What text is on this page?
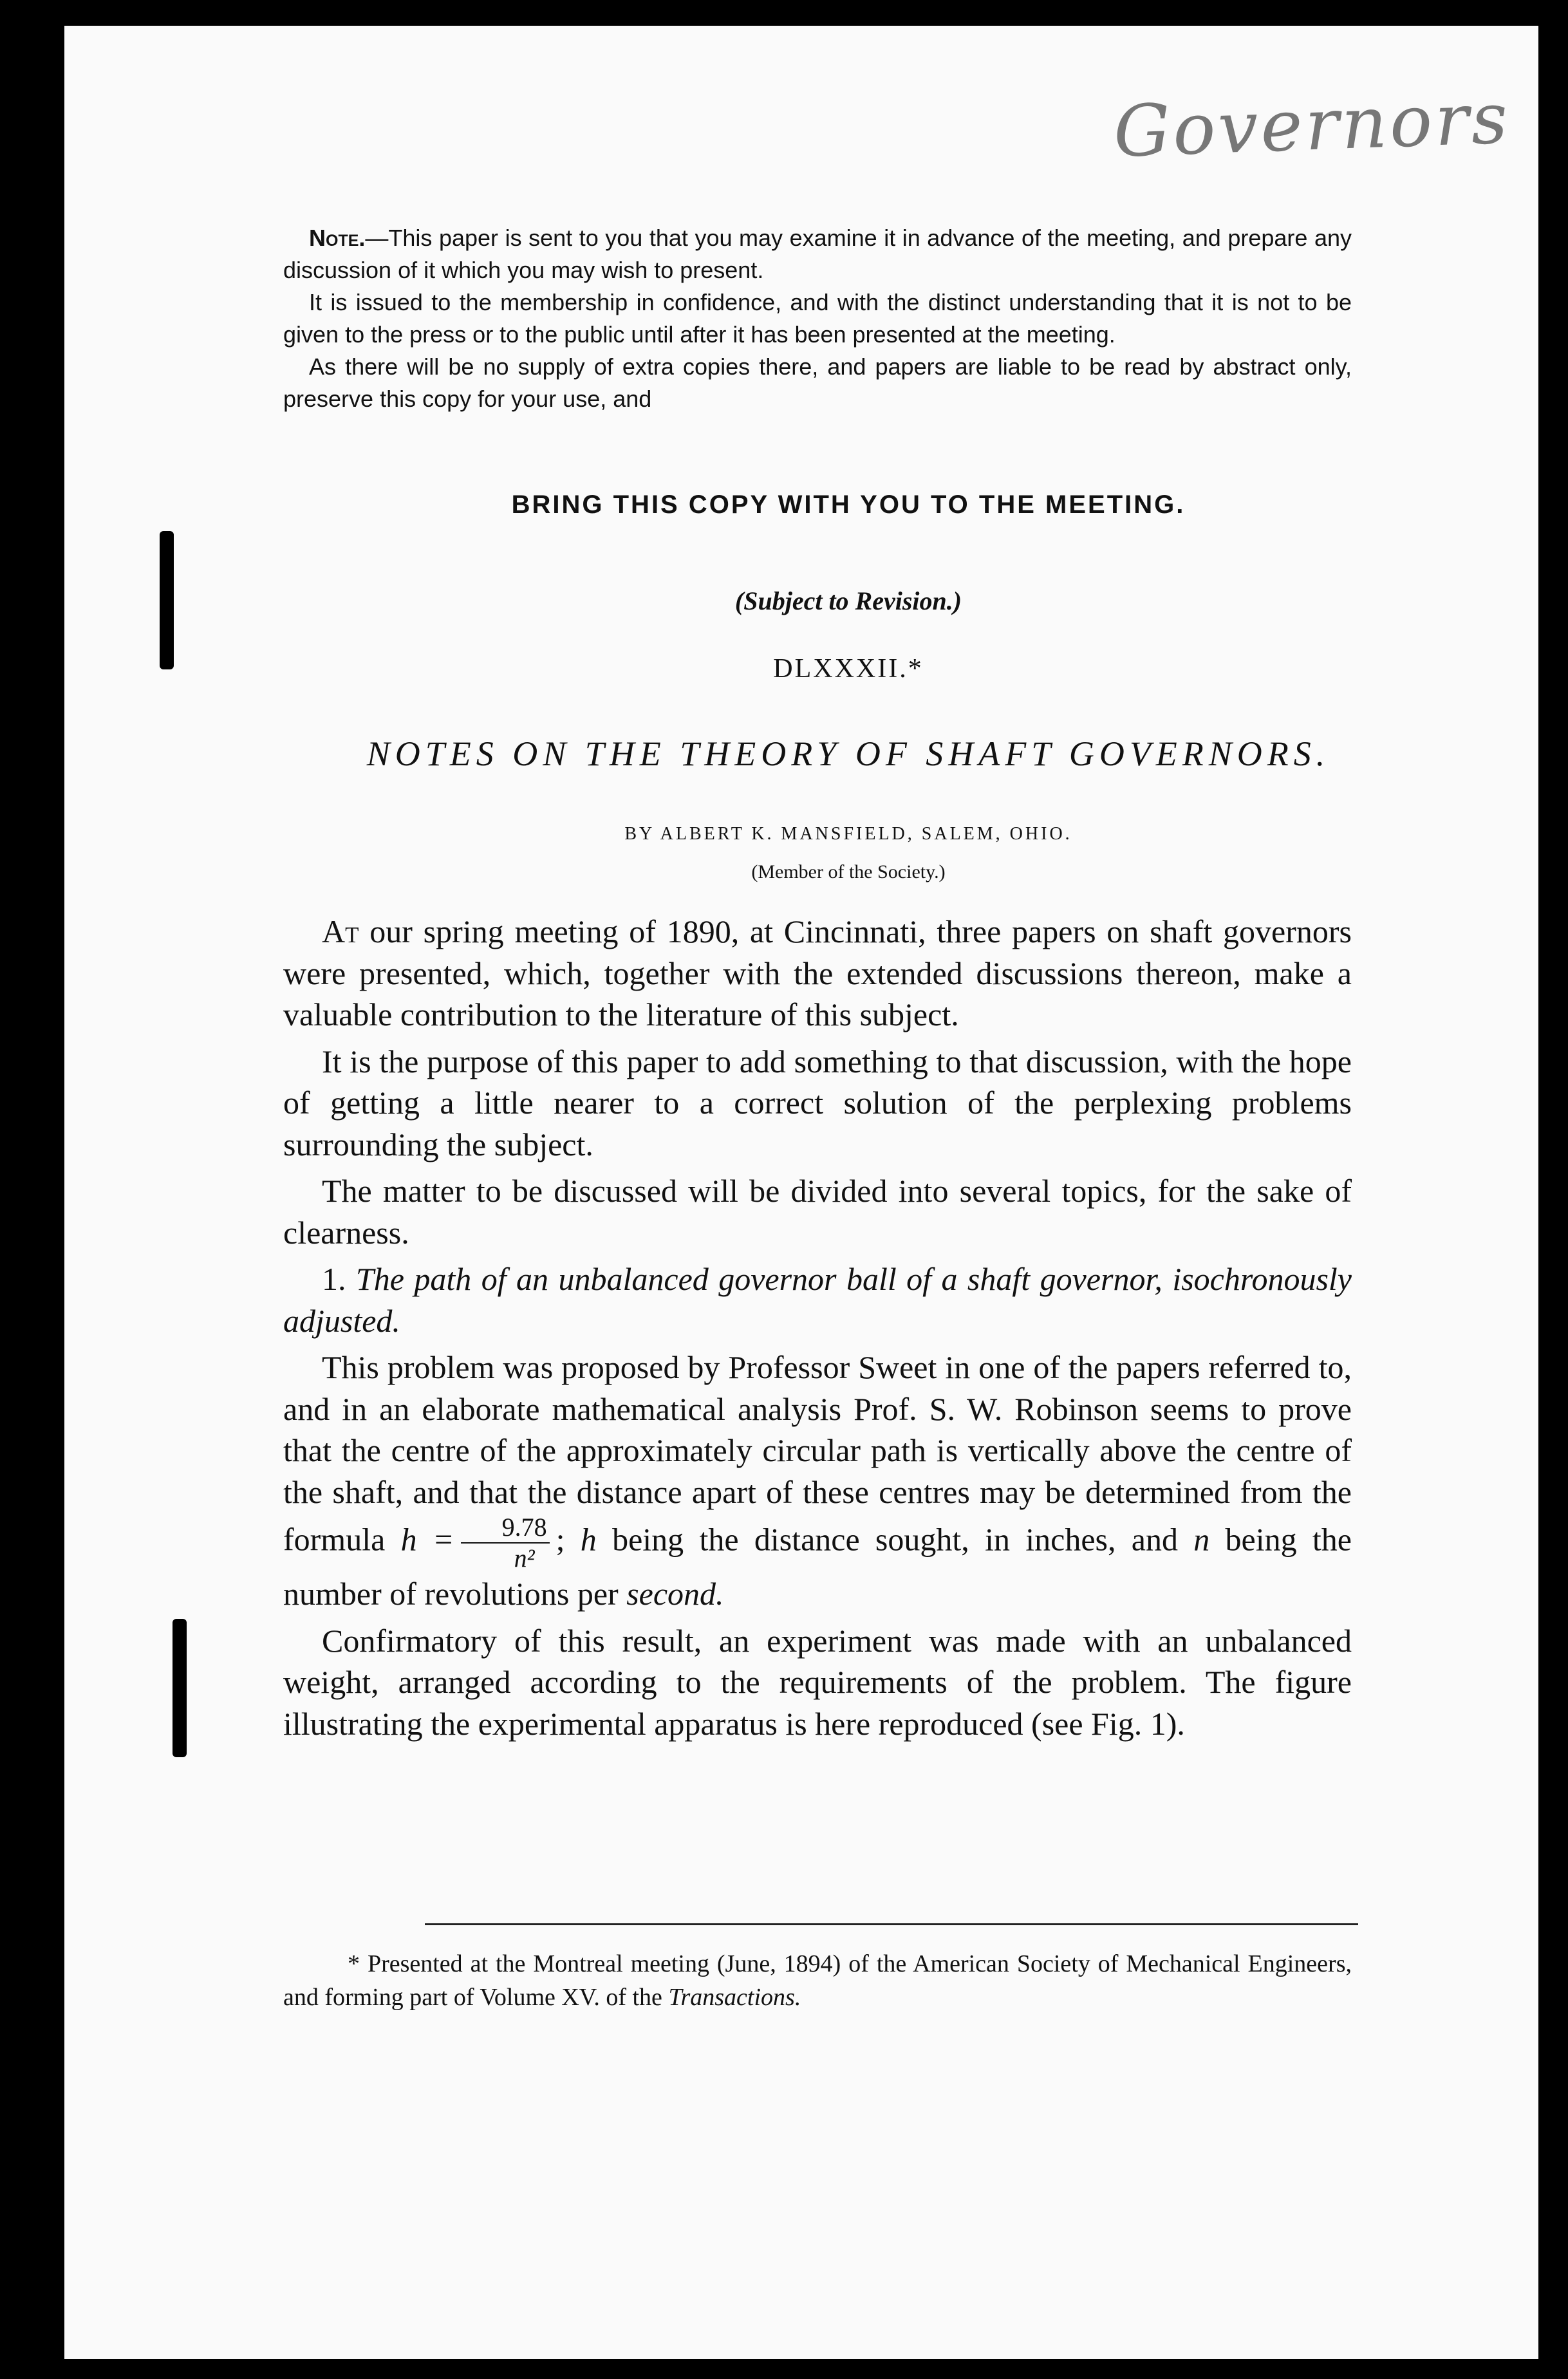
Governors

Note.—This paper is sent to you that you may examine it in advance of the meeting, and prepare any discussion of it which you may wish to present.

It is issued to the membership in confidence, and with the distinct understanding that it is not to be given to the press or to the public until after it has been presented at the meeting.

As there will be no supply of extra copies there, and papers are liable to be read by abstract only, preserve this copy for your use, and

BRING THIS COPY WITH YOU TO THE MEETING.
(Subject to Revision.)
DLXXXII.*
NOTES ON THE THEORY OF SHAFT GOVERNORS.
BY ALBERT K. MANSFIELD, SALEM, OHIO.
(Member of the Society.)

At our spring meeting of 1890, at Cincinnati, three papers on shaft governors were presented, which, together with the extended discussions thereon, make a valuable contribution to the literature of this subject.

It is the purpose of this paper to add something to that discussion, with the hope of getting a little nearer to a correct solution of the perplexing problems surrounding the subject.

The matter to be discussed will be divided into several topics, for the sake of clearness.

1. The path of an unbalanced governor ball of a shaft governor, isochronously adjusted.

This problem was proposed by Professor Sweet in one of the papers referred to, and in an elaborate mathematical analysis Prof. S. W. Robinson seems to prove that the centre of the approximately circular path is vertically above the centre of the shaft, and that the distance apart of these centres may be determined from the formula $h = \frac{9.78}{\text{n²}}$ ; h being the distance sought, in inches, and n being the number of revolutions per second.

Confirmatory of this result, an experiment was made with an unbalanced weight, arranged according to the requirements of the problem. The figure illustrating the experimental apparatus is here reproduced (see Fig. 1).

* Presented at the Montreal meeting (June, 1894) of the American Society of Mechanical Engineers, and forming part of Volume XV. of the Transactions.
